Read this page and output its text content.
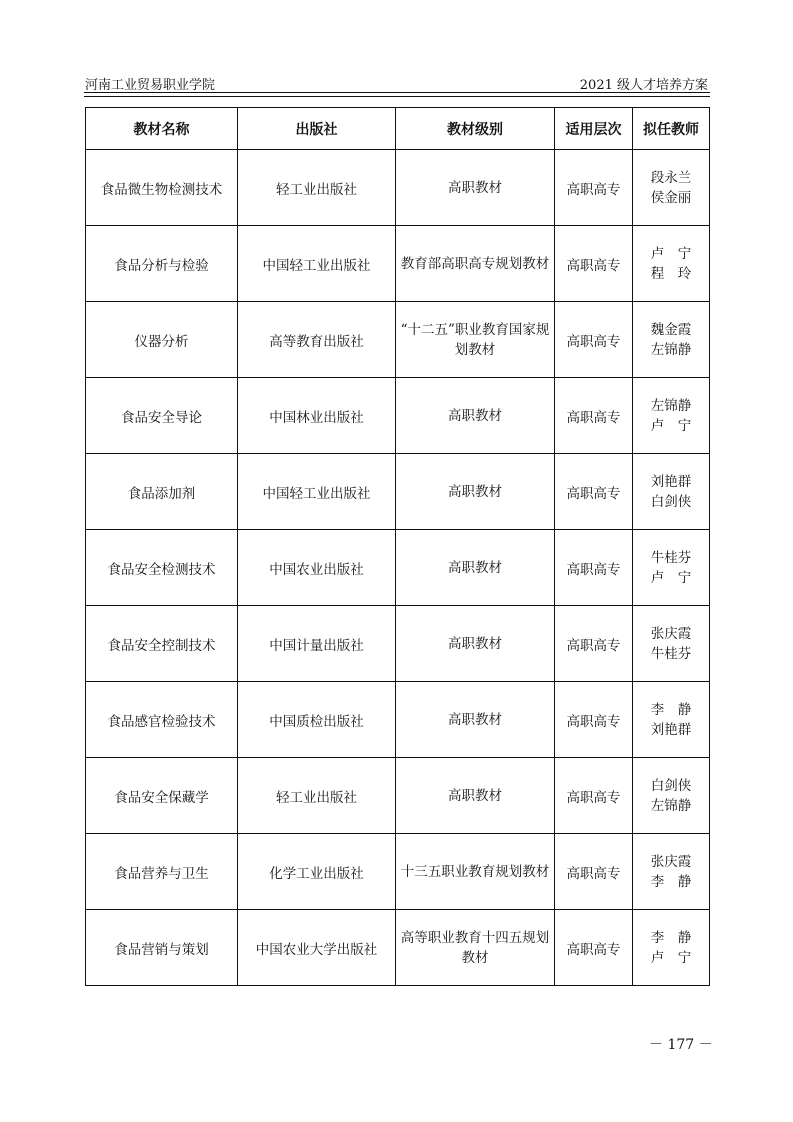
河南工业贸易职业学院	2021 级人才培养方案
教材名称	出版社	教材级别	适用层次	拟任教师
食品微生物检测技术	轻工业出版社	高职教材	高职高专	段永兰
侯金丽

食品分析与检验	中国轻工业出版社	教育部高职高专规划教材	高职高专	卢　宁
程　玲

仪器分析	高等教育出版社	“十二五”职业教育国家规划教材	高职高专	魏金霞
左锦静

食品安全导论	中国林业出版社	高职教材	高职高专	左锦静
卢　宁

食品添加剂	中国轻工业出版社	高职教材	高职高专	刘艳群
白剑侠

食品安全检测技术	中国农业出版社	高职教材	高职高专	牛桂芬
卢　宁

食品安全控制技术	中国计量出版社	高职教材	高职高专	张庆霞
牛桂芬

食品感官检验技术	中国质检出版社	高职教材	高职高专	李　静
刘艳群

食品安全保藏学	轻工业出版社	高职教材	高职高专	白剑侠
左锦静

食品营养与卫生	化学工业出版社	十三五职业教育规划教材	高职高专	张庆霞
李　静

食品营销与策划	中国农业大学出版社	高等职业教育十四五规划教材	高职高专	李　静
卢　宁
－ 177 －
